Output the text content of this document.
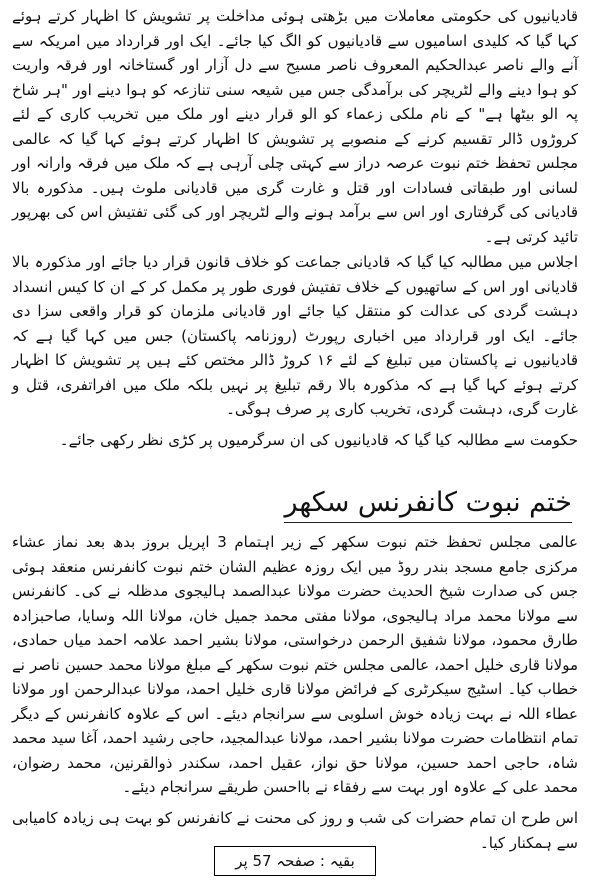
قادیانیوں کی حکومتی معاملات میں بڑھتی ہوئی مداخلت پر تشویش کا اظہار کرتے ہوئے کہا گیا کہ کلیدی اسامیوں سے قادیانیوں کو الگ کیا جائے۔ ایک اور قرارداد میں امریکہ سے آنے والے ناصر عبدالحکیم المعروف ناصر مسیح سے دل آزار اور گستاخانہ اور فرقہ واریت کو ہوا دینے والے لٹریچر کی برآمدگی جس میں شیعہ سنی تنازعہ کو ہوا دینے اور "ہر شاخ پہ الو بیٹھا ہے" کے نام ملکی زعماء کو الو قرار دینے اور ملک میں تخریب کاری کے لئے کروڑوں ڈالر تقسیم کرنے کے منصوبے پر تشویش کا اظہار کرتے ہوئے کہا گیا کہ عالمی مجلس تحفظ ختم نبوت عرصہ دراز سے کہتی چلی آرہی ہے کہ ملک میں فرقہ وارانہ اور لسانی اور طبقاتی فسادات اور قتل و غارت گری میں قادیانی ملوث ہیں۔ مذکورہ بالا قادیانی کی گرفتاری اور اس سے برآمد ہونے والے لٹریچر اور کی گئی تفتیش اس کی بھرپور تائید کرتی ہے۔

اجلاس میں مطالبہ کیا گیا کہ قادیانی جماعت کو خلاف قانون قرار دیا جائے اور مذکورہ بالا قادیانی اور اس کے ساتھیوں کے خلاف تفتیش فوری طور پر مکمل کر کے ان کا کیس انسداد دہشت گردی کی عدالت کو منتقل کیا جائے اور قادیانی ملزمان کو قرار واقعی سزا دی جائے۔ ایک اور قرارداد میں اخباری رپورٹ (روزنامہ پاکستان) جس میں کہا گیا ہے کہ قادیانیوں نے پاکستان میں تبلیغ کے لئے ۱۶ کروڑ ڈالر مختص کئے ہیں پر تشویش کا اظہار کرتے ہوئے کہا گیا ہے کہ مذکورہ بالا رقم تبلیغ پر نہیں بلکہ ملک میں افراتفری، قتل و غارت گری، دہشت گردی، تخریب کاری پر صرف ہوگی۔

حکومت سے مطالبہ کیا گیا کہ قادیانیوں کی ان سرگرمیوں پر کڑی نظر رکھی جائے۔

ختم نبوت کانفرنس سکھر

عالمی مجلس تحفظ ختم نبوت سکھر کے زیر اہتمام 3 اپریل بروز بدھ بعد نماز عشاء مرکزی جامع مسجد بندر روڈ میں ایک روزہ عظیم الشان ختم نبوت کانفرنس منعقد ہوئی جس کی صدارت شیخ الحدیث حضرت مولانا عبدالصمد ہالیجوی مدظلہ نے کی۔ کانفرنس سے مولانا محمد مراد ہالیجوی، مولانا مفتی محمد جمیل خان، مولانا اللہ وسایا، صاحبزادہ طارق محمود، مولانا شفیق الرحمن درخواستی، مولانا بشیر احمد علامہ احمد میاں حمادی، مولانا قاری خلیل احمد، عالمی مجلس ختم نبوت سکھر کے مبلغ مولانا محمد حسین ناصر نے خطاب کیا۔ اسٹیج سیکرٹری کے فرائض مولانا قاری خلیل احمد، مولانا عبدالرحمن اور مولانا عطاء اللہ نے بہت زیادہ خوش اسلوبی سے سرانجام دیئے۔ اس کے علاوہ کانفرنس کے دیگر تمام انتظامات حضرت مولانا بشیر احمد، مولانا عبدالمجید، حاجی رشید احمد، آغا سید محمد شاہ، حاجی احمد حسین، مولانا حق نواز، عقیل احمد، سکندر ذوالقرنین، محمد رضوان، محمد علی کے علاوہ اور بہت سے رفقاء نے بااحسن طریقے سرانجام دیئے۔

اس طرح ان تمام حضرات کی شب و روز کی محنت نے کانفرنس کو بہت ہی زیادہ کامیابی سے ہمکنار کیا۔

بقیہ : صفحہ 57 پر
